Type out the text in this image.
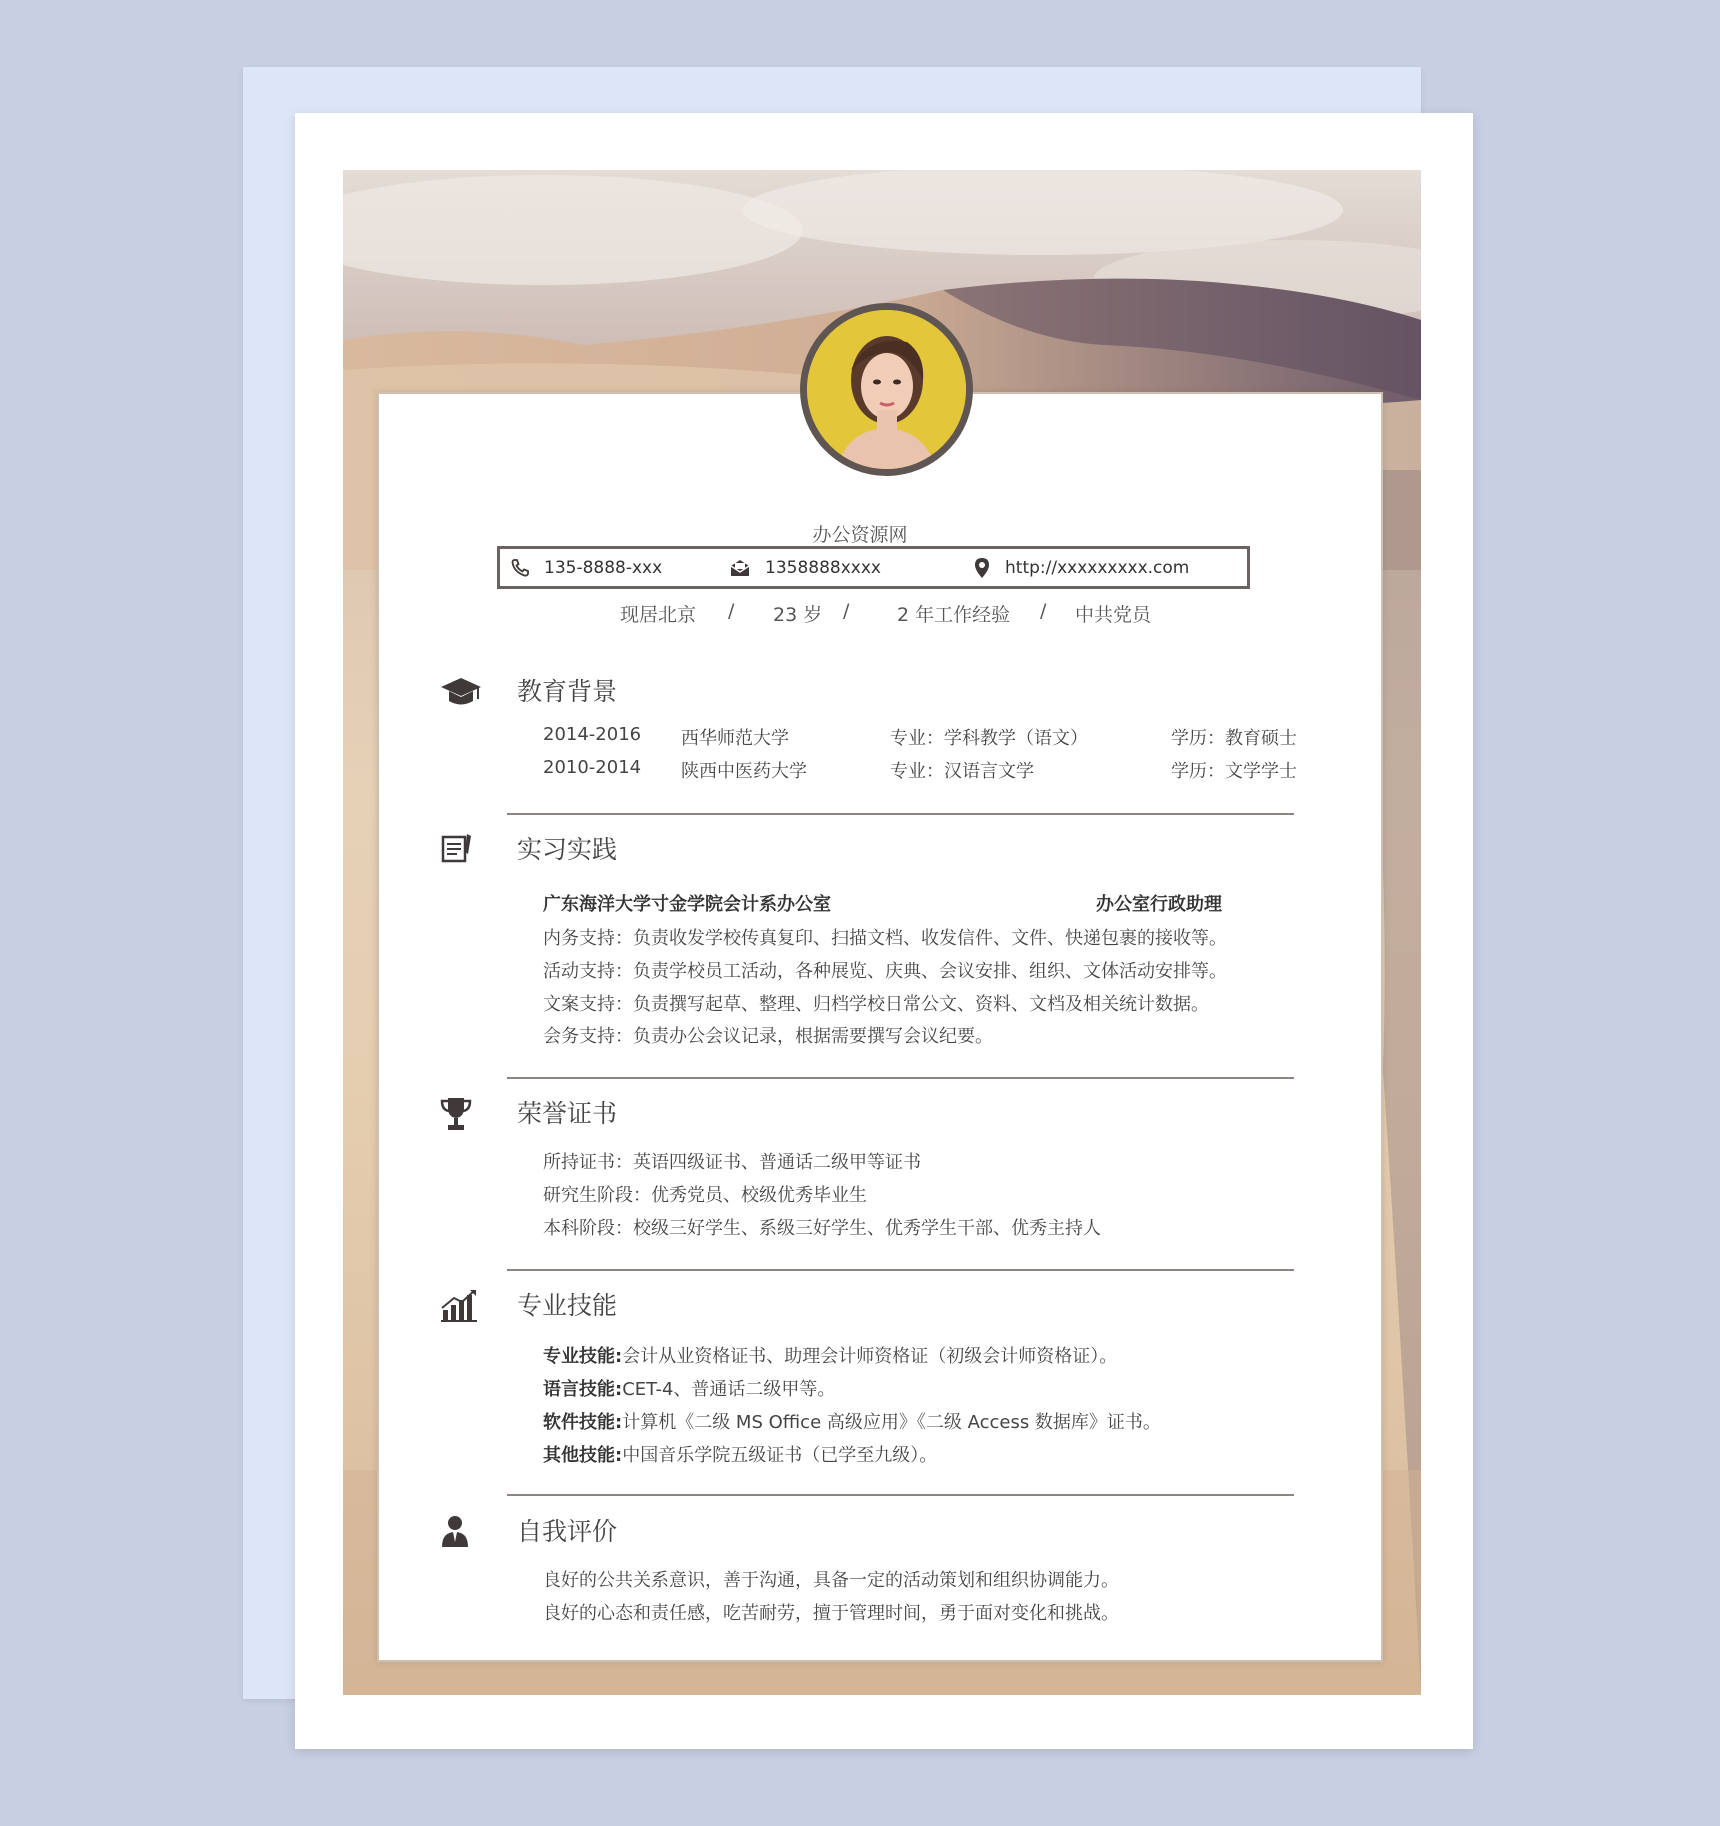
办公资源网
135-8888-xxx	1358888xxxx	http://xxxxxxxxx.com
现居北京 / 23 岁 /	2 年工作经验 / 中共党员
教育背景
2014-2016 西华师范大学	专业：学科教学（语文）	学历：教育硕士
2010-2014 陕西中医药大学	专业：汉语言文学	学历：文学学士
实习实践
广东海洋大学寸金学院会计系办公室	办公室行政助理
内务支持：负责收发学校传真复印、扫描文档、收发信件、文件、快递包裹的接收等。
活动支持：负责学校员工活动，各种展览、庆典、会议安排、组织、文体活动安排等。
文案支持：负责撰写起草、整理、归档学校日常公文、资料、文档及相关统计数据。
会务支持：负责办公会议记录，根据需要撰写会议纪要。
荣誉证书
所持证书：英语四级证书、普通话二级甲等证书
研究生阶段：优秀党员、校级优秀毕业生
本科阶段：校级三好学生、系级三好学生、优秀学生干部、优秀主持人
专业技能
专业技能:会计从业资格证书、助理会计师资格证（初级会计师资格证）。
语言技能:CET-4、普通话二级甲等。
软件技能:计算机《二级 MS Office 高级应用》《二级 Access 数据库》证书。
其他技能:中国音乐学院五级证书（已学至九级）。
自我评价
良好的公共关系意识，善于沟通，具备一定的活动策划和组织协调能力。
良好的心态和责任感，吃苦耐劳，擅于管理时间，勇于面对变化和挑战。
